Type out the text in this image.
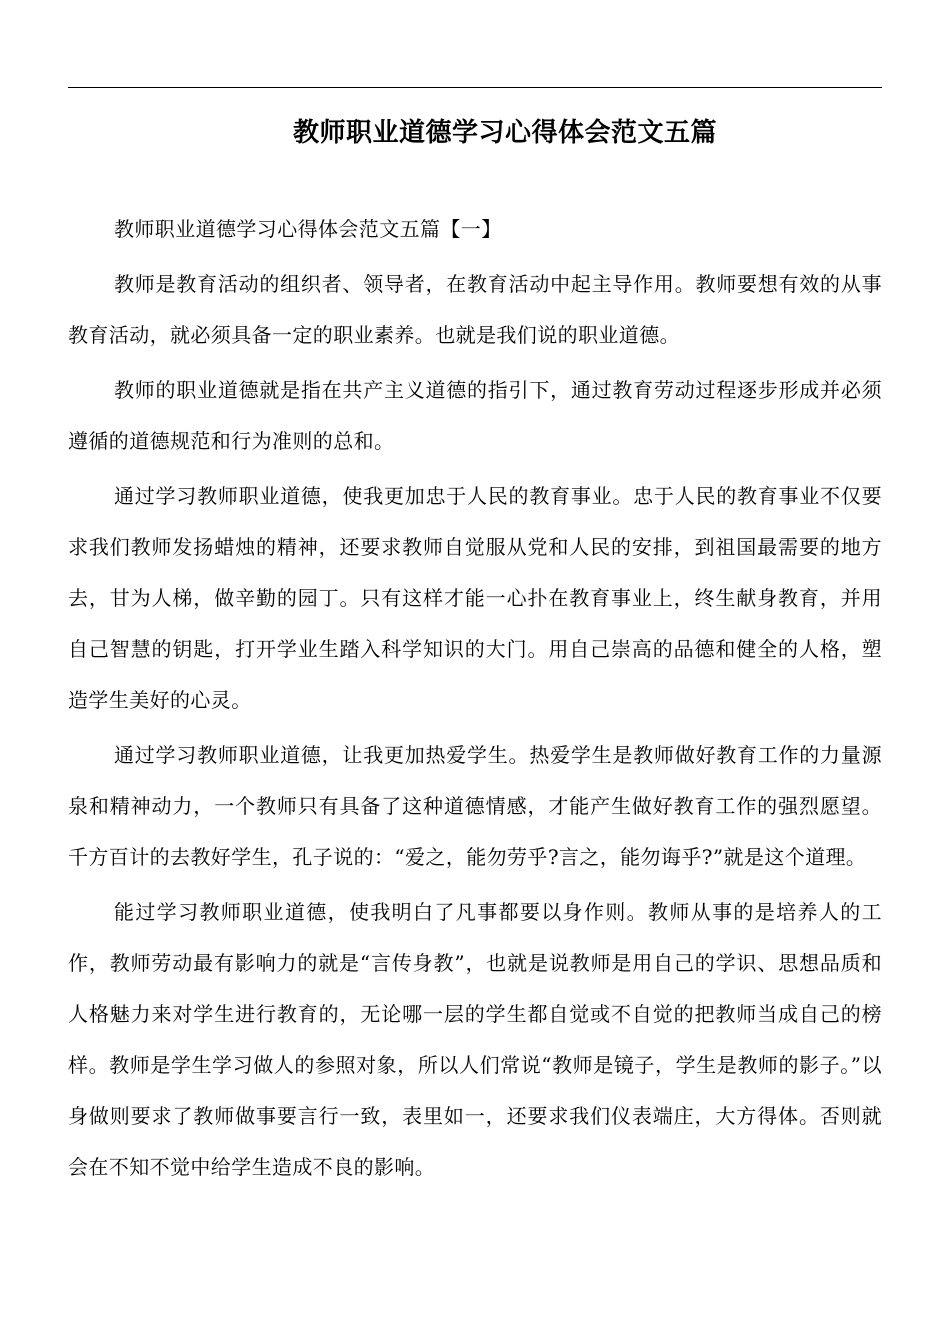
教师职业道德学习心得体会范文五篇

教师职业道德学习心得体会范文五篇【一】

教师是教育活动的组织者、领导者，在教育活动中起主导作用。教师要想有效的从事教育活动，就必须具备一定的职业素养。也就是我们说的职业道德。

教师的职业道德就是指在共产主义道德的指引下，通过教育劳动过程逐步形成并必须遵循的道德规范和行为准则的总和。

通过学习教师职业道德，使我更加忠于人民的教育事业。忠于人民的教育事业不仅要求我们教师发扬蜡烛的精神，还要求教师自觉服从党和人民的安排，到祖国最需要的地方去，甘为人梯，做辛勤的园丁。只有这样才能一心扑在教育事业上，终生献身教育，并用自己智慧的钥匙，打开学业生踏入科学知识的大门。用自己崇高的品德和健全的人格，塑造学生美好的心灵。

通过学习教师职业道德，让我更加热爱学生。热爱学生是教师做好教育工作的力量源泉和精神动力，一个教师只有具备了这种道德情感，才能产生做好教育工作的强烈愿望。千方百计的去教好学生，孔子说的：“爱之，能勿劳乎?言之，能勿诲乎?”就是这个道理。

能过学习教师职业道德，使我明白了凡事都要以身作则。教师从事的是培养人的工作，教师劳动最有影响力的就是“言传身教”，也就是说教师是用自己的学识、思想品质和人格魅力来对学生进行教育的，无论哪一层的学生都自觉或不自觉的把教师当成自己的榜样。教师是学生学习做人的参照对象，所以人们常说“教师是镜子，学生是教师的影子。”以身做则要求了教师做事要言行一致，表里如一，还要求我们仪表端庄，大方得体。否则就会在不知不觉中给学生造成不良的影响。
